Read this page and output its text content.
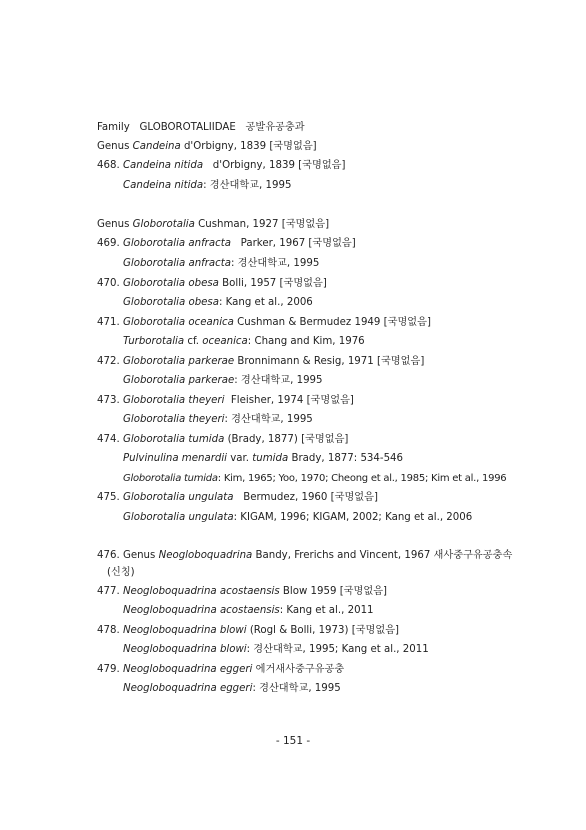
Family GLOBOROTALIIDAE 공발유공충과
Genus Candeina d'Orbigny, 1839 [국명없음]
468. Candeina nitida d'Orbigny, 1839 [국명없음]
Candeina nitida: 경산대학교, 1995
Genus Globorotalia Cushman, 1927 [국명없음]
469. Globorotalia anfracta Parker, 1967 [국명없음]
Globorotalia anfracta: 경산대학교, 1995
470. Globorotalia obesa Bolli, 1957 [국명없음]
Globorotalia obesa: Kang et al., 2006
471. Globorotalia oceanica Cushman & Bermudez 1949 [국명없음]
Turborotalia cf. oceanica: Chang and Kim, 1976
472. Globorotalia parkerae Bronnimann & Resig, 1971 [국명없음]
Globorotalia parkerae: 경산대학교, 1995
473. Globorotalia theyeri Fleisher, 1974 [국명없음]
Globorotalia theyeri: 경산대학교, 1995
474. Globorotalia tumida (Brady, 1877) [국명없음]
Pulvinulina menardii var. tumida Brady, 1877: 534-546
Globorotalia tumida: Kim, 1965; Yoo, 1970; Cheong et al., 1985; Kim et al., 1996
475. Globorotalia ungulata Bermudez, 1960 [국명없음]
Globorotalia ungulata: KIGAM, 1996; KIGAM, 2002; Kang et al., 2006
476. Genus Neogloboquadrina Bandy, Frerichs and Vincent, 1967 새사중구유공충속
(신칭)
477. Neogloboquadrina acostaensis Blow 1959 [국명없음]
Neogloboquadrina acostaensis: Kang et al., 2011
478. Neogloboquadrina blowi (Rogl & Bolli, 1973) [국명없음]
Neogloboquadrina blowi: 경산대학교, 1995; Kang et al., 2011
479. Neogloboquadrina eggeri 에거새사중구유공충
Neogloboquadrina eggeri: 경산대학교, 1995
- 151 -
